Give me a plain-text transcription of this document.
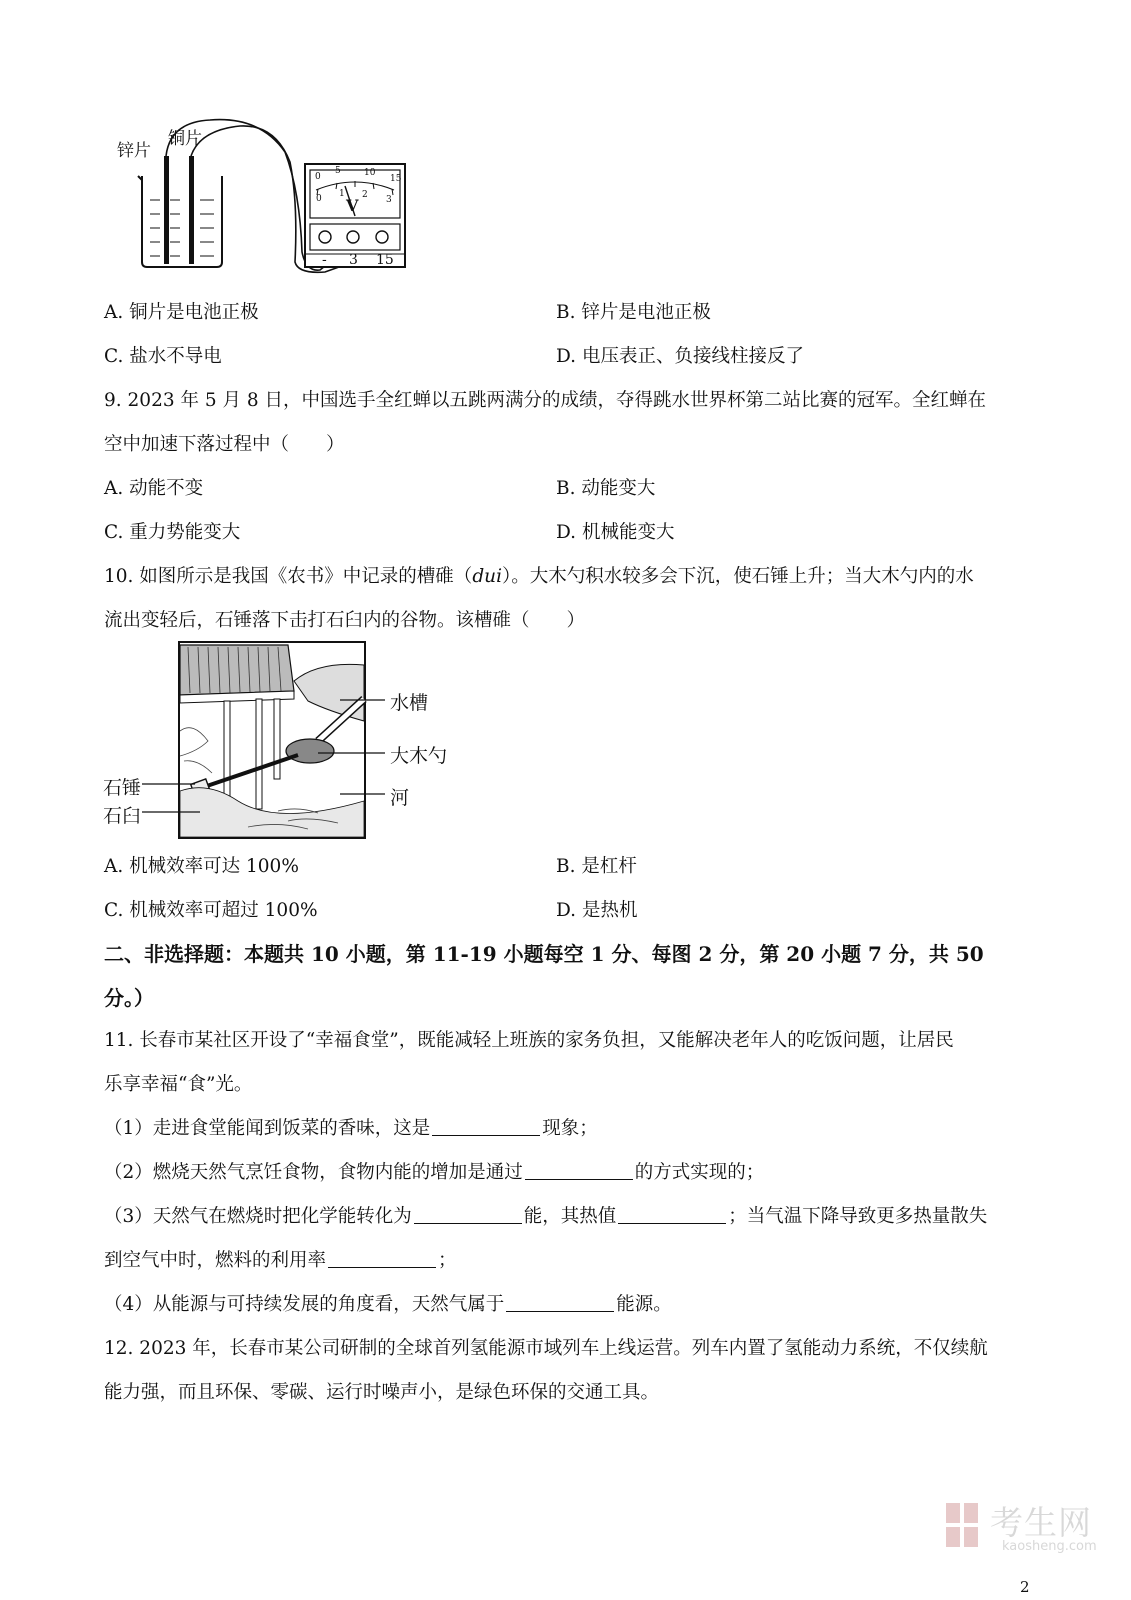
锌片
铜片
0
5	10
15
0 1 2 3
V
- 3 15
A. 铜片是电池正极	B. 锌片是电池正极
C. 盐水不导电	D. 电压表正、负接线柱接反了
9. 2023 年 5 月 8 日，中国选手全红蝉以五跳两满分的成绩，夺得跳水世界杯第二站比赛的冠军。全红蝉在
空中加速下落过程中（　　）
A. 动能不变	B. 动能变大
C. 重力势能变大	D. 机械能变大
10. 如图所示是我国《农书》中记录的槽碓（dui）。大木勺积水较多会下沉，使石锤上升；当大木勺内的水
流出变轻后，石锤落下击打石臼内的谷物。该槽碓（　　）
水槽
大木勺
河
石锤
石臼
A. 机械效率可达 100%	B. 是杠杆
C. 机械效率可超过 100%	D. 是热机
二、非选择题：本题共 10 小题，第 11-19 小题每空 1 分、每图 2 分，第 20 小题 7 分，共 50
分。）
11. 长春市某社区开设了“幸福食堂”，既能减轻上班族的家务负担，又能解决老年人的吃饭问题，让居民
乐享幸福“食”光。
（1）走进食堂能闻到饭菜的香味，这是	现象；
（2）燃烧天然气烹饪食物，食物内能的增加是通过	的方式实现的；
（3）天然气在燃烧时把化学能转化为	能，其热值	；当气温下降导致更多热量散失
到空气中时，燃料的利用率	；
（4）从能源与可持续发展的角度看，天然气属于	能源。
12. 2023 年，长春市某公司研制的全球首列氢能源市域列车上线运营。列车内置了氢能动力系统，不仅续航
能力强，而且环保、零碳、运行时噪声小，是绿色环保的交通工具。
考生网
kaosheng.com
2
